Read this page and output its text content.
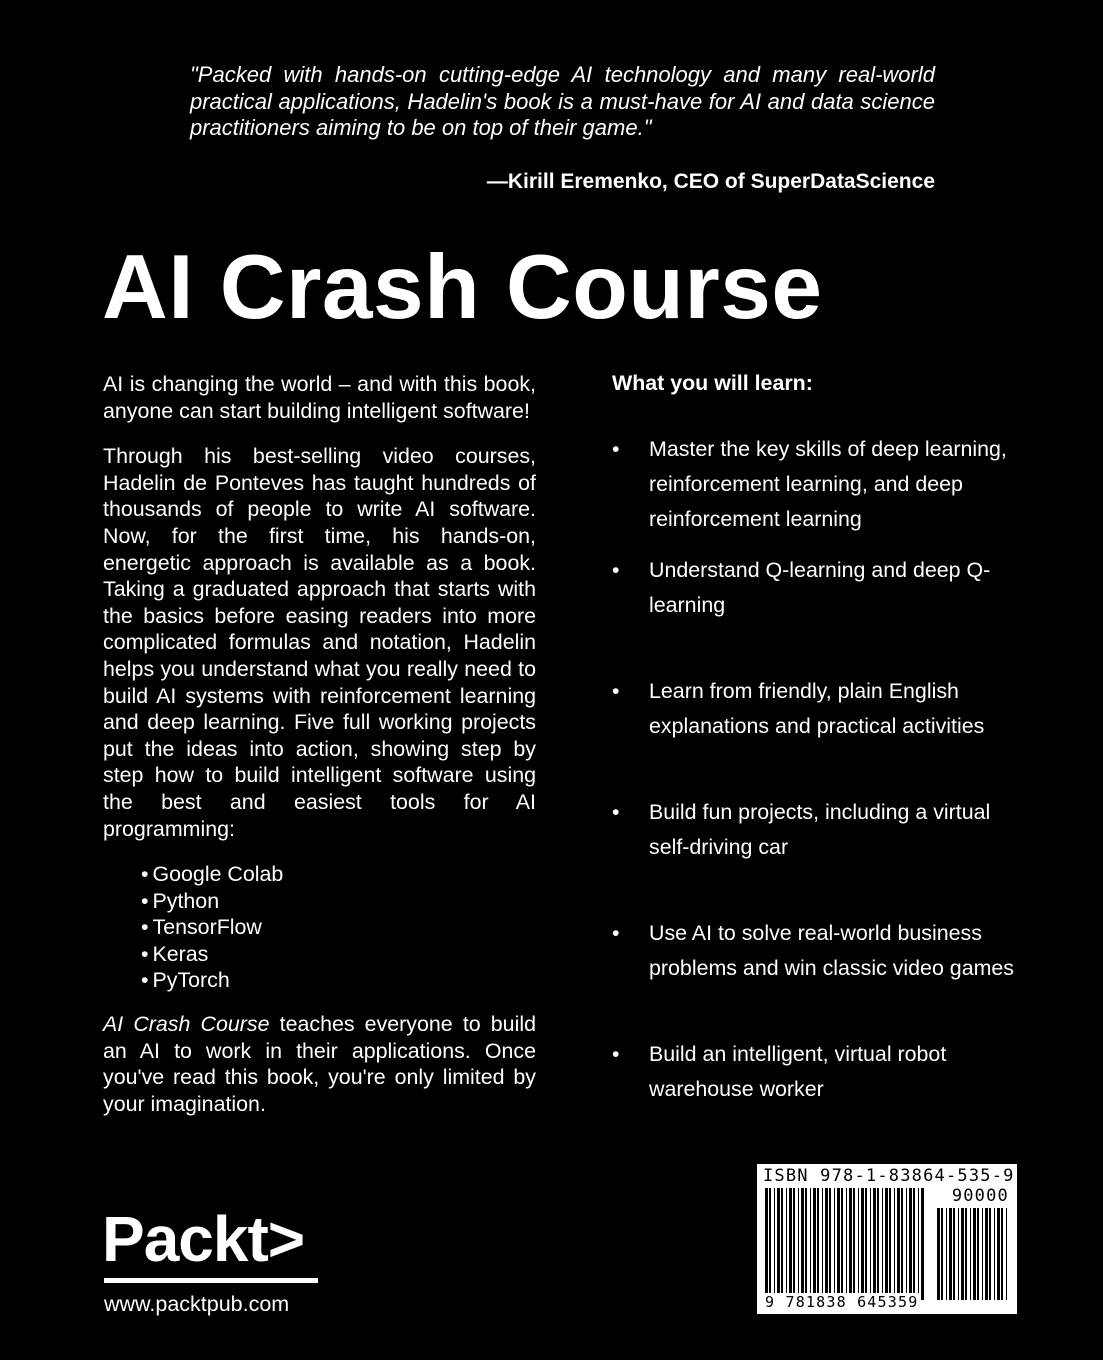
"Packed with hands-on cutting-edge AI technology and many real-world practical applications, Hadelin's book is a must-have for AI and data science practitioners aiming to be on top of their game."
—Kirill Eremenko, CEO of SuperDataScience
AI Crash Course

AI is changing the world – and with this book, anyone can start building intelligent software!

Through his best-selling video courses, Hadelin de Ponteves has taught hundreds of thousands of people to write AI software. Now, for the first time, his hands-on, energetic approach is available as a book. Taking a graduated approach that starts with the basics before easing readers into more complicated formulas and notation, Hadelin helps you understand what you really need to build AI systems with reinforcement learning and deep learning. Five full working projects put the ideas into action, showing step by step how to build intelligent software using the best and easiest tools for AI programming:

• Google Colab
• Python
• TensorFlow
• Keras
• PyTorch

AI Crash Course teaches everyone to build an AI to work in their applications. Once you've read this book, you're only limited by your imagination.

What you will learn:
• Master the key skills of deep learning, reinforcement learning, and deep reinforcement learning
• Understand Q-learning and deep Q-learning
• Learn from friendly, plain English explanations and practical activities
• Build fun projects, including a virtual self-driving car
• Use AI to solve real-world business problems and win classic video games
• Build an intelligent, virtual robot warehouse worker
ISBN 978-1-83864-535-9
90000
9 781838 645359
Packt>
www.packtpub.com
